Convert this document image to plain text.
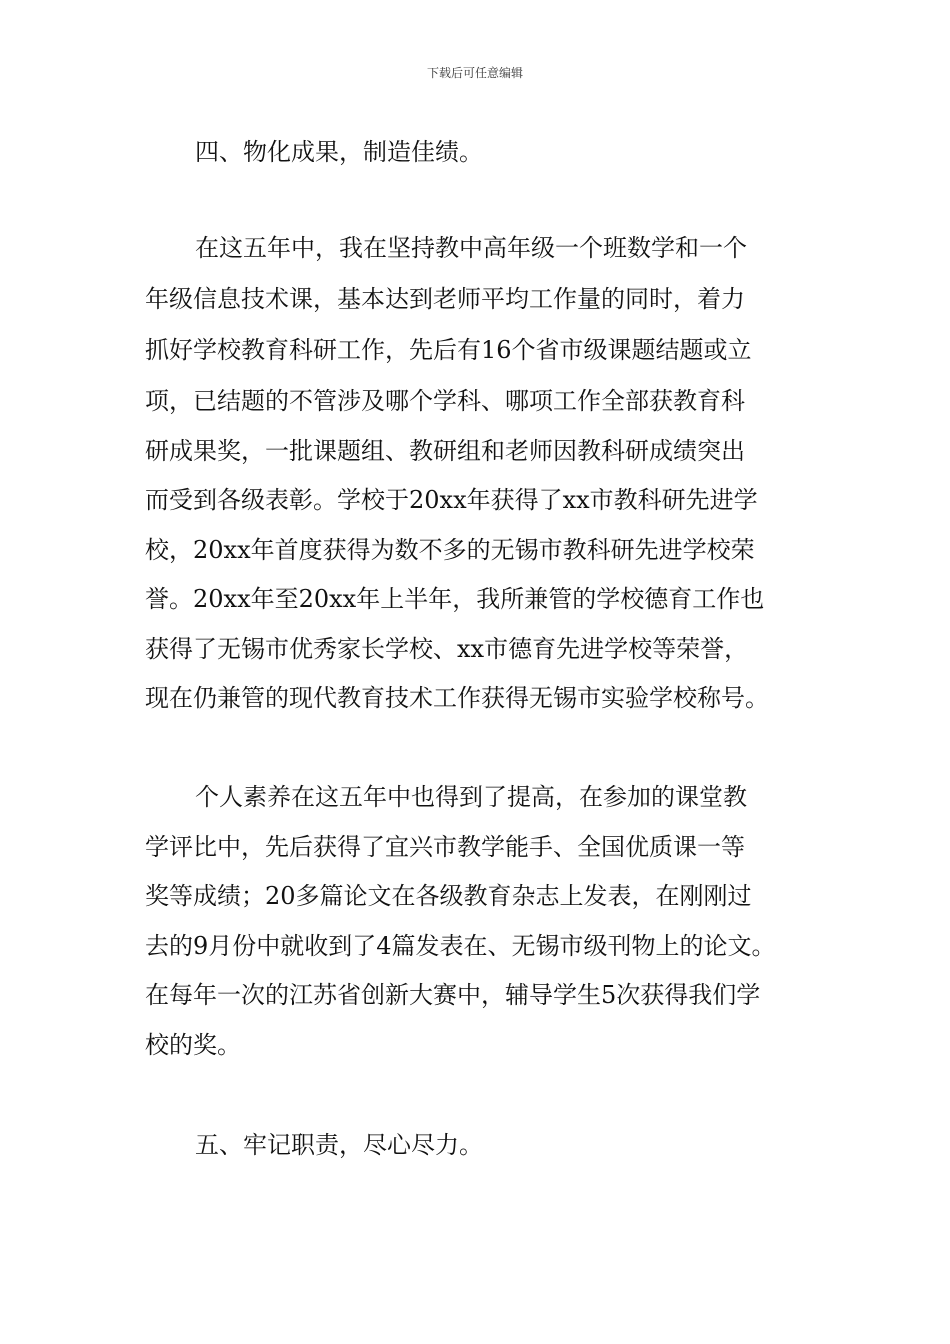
下载后可任意编辑
四、物化成果，制造佳绩。
在这五年中，我在坚持教中高年级一个班数学和一个
年级信息技术课，基本达到老师平均工作量的同时，着力
抓好学校教育科研工作，先后有16个省市级课题结题或立
项，已结题的不管涉及哪个学科、哪项工作全部获教育科
研成果奖，一批课题组、教研组和老师因教科研成绩突出
而受到各级表彰。学校于20xx年获得了xx市教科研先进学
校，20xx年首度获得为数不多的无锡市教科研先进学校荣
誉。20xx年至20xx年上半年，我所兼管的学校德育工作也
获得了无锡市优秀家长学校、xx市德育先进学校等荣誉，
现在仍兼管的现代教育技术工作获得无锡市实验学校称号。
个人素养在这五年中也得到了提高，在参加的课堂教
学评比中，先后获得了宜兴市教学能手、全国优质课一等
奖等成绩；20多篇论文在各级教育杂志上发表，在刚刚过
去的9月份中就收到了4篇发表在、无锡市级刊物上的论文。
在每年一次的江苏省创新大赛中，辅导学生5次获得我们学
校的奖。
五、牢记职责，尽心尽力。
